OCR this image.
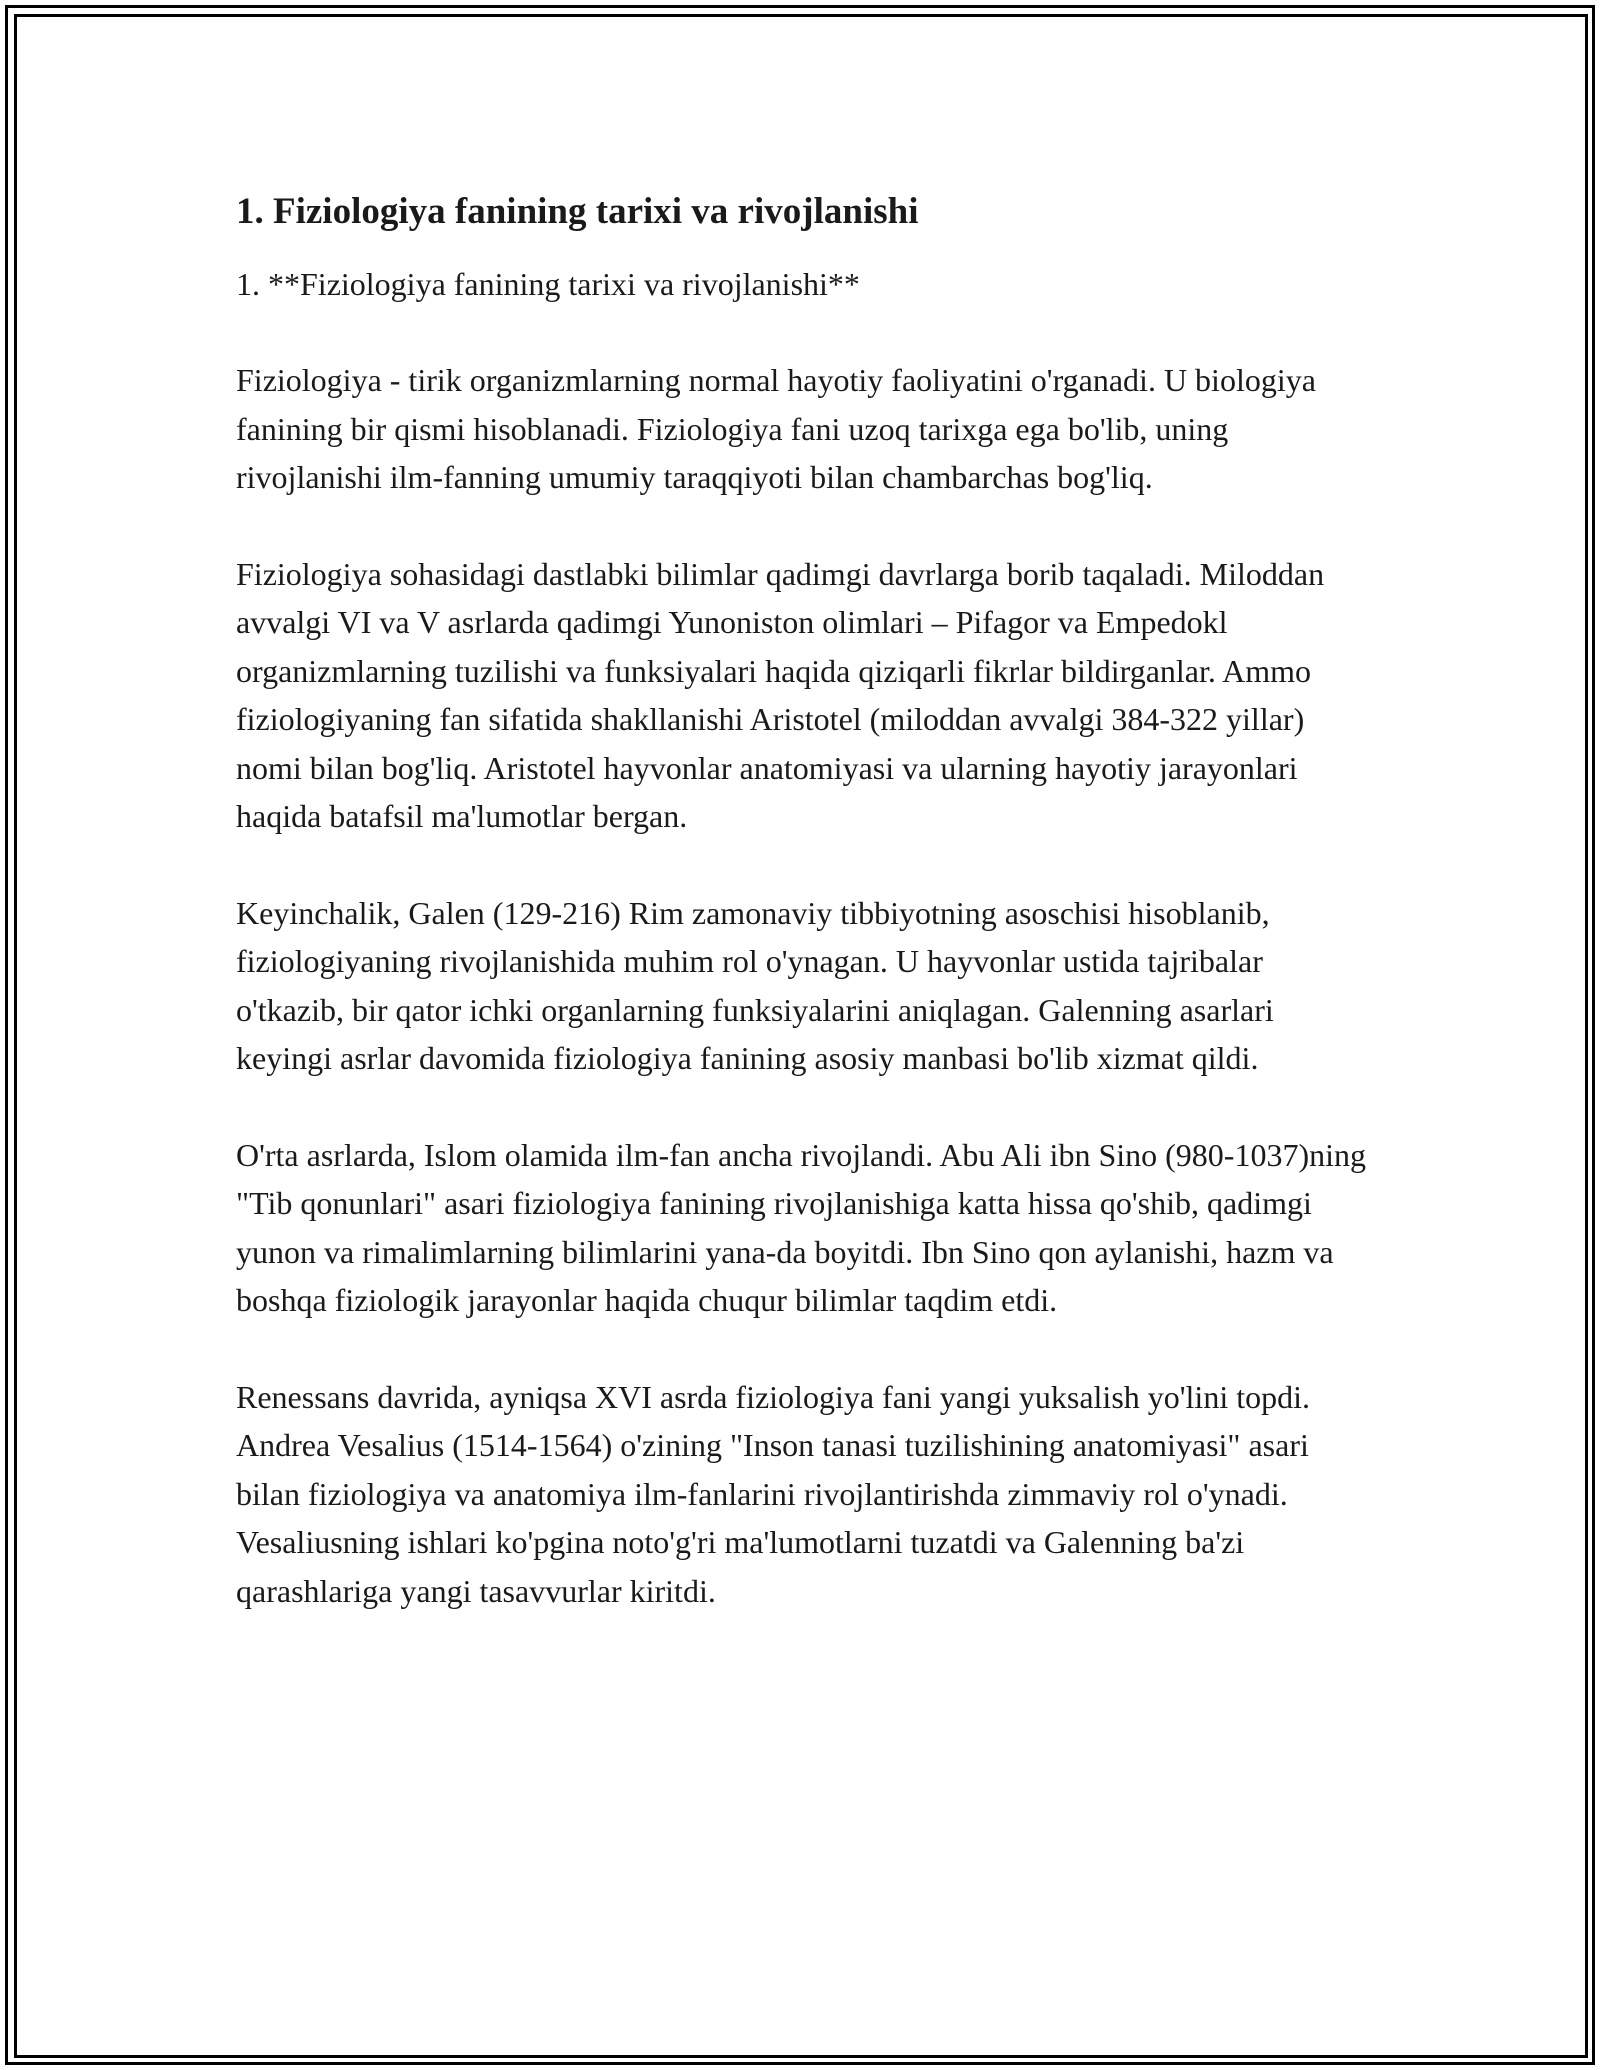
1. Fiziologiya fanining tarixi va rivojlanishi

1. **Fiziologiya fanining tarixi va rivojlanishi**

Fiziologiya - tirik organizmlarning normal hayotiy faoliyatini o'rganadi. U biologiya fanining bir qismi hisoblanadi. Fiziologiya fani uzoq tarixga ega bo'lib, uning rivojlanishi ilm-fanning umumiy taraqqiyoti bilan chambarchas bog'liq.

Fiziologiya sohasidagi dastlabki bilimlar qadimgi davrlarga borib taqaladi. Miloddan avvalgi VI va V asrlarda qadimgi Yunoniston olimlari – Pifagor va Empedokl organizmlarning tuzilishi va funksiyalari haqida qiziqarli fikrlar bildirganlar. Ammo fiziologiyaning fan sifatida shakllanishi Aristotel (miloddan avvalgi 384-322 yillar) nomi bilan bog'liq. Aristotel hayvonlar anatomiyasi va ularning hayotiy jarayonlari haqida batafsil ma'lumotlar bergan.

Keyinchalik, Galen (129-216) Rim zamonaviy tibbiyotning asoschisi hisoblanib, fiziologiyaning rivojlanishida muhim rol o'ynagan. U hayvonlar ustida tajribalar o'tkazib, bir qator ichki organlarning funksiyalarini aniqlagan. Galenning asarlari keyingi asrlar davomida fiziologiya fanining asosiy manbasi bo'lib xizmat qildi.

O'rta asrlarda, Islom olamida ilm-fan ancha rivojlandi. Abu Ali ibn Sino (980-1037)ning "Tib qonunlari" asari fiziologiya fanining rivojlanishiga katta hissa qo'shib, qadimgi yunon va rimalimlarning bilimlarini yana-da boyitdi. Ibn Sino qon aylanishi, hazm va boshqa fiziologik jarayonlar haqida chuqur bilimlar taqdim etdi.

Renessans davrida, ayniqsa XVI asrda fiziologiya fani yangi yuksalish yo'lini topdi. Andrea Vesalius (1514-1564) o'zining "Inson tanasi tuzilishining anatomiyasi" asari bilan fiziologiya va anatomiya ilm-fanlarini rivojlantirishda zimmaviy rol o'ynadi. Vesaliusning ishlari ko'pgina noto'g'ri ma'lumotlarni tuzatdi va Galenning ba'zi qarashlariga yangi tasavvurlar kiritdi.
